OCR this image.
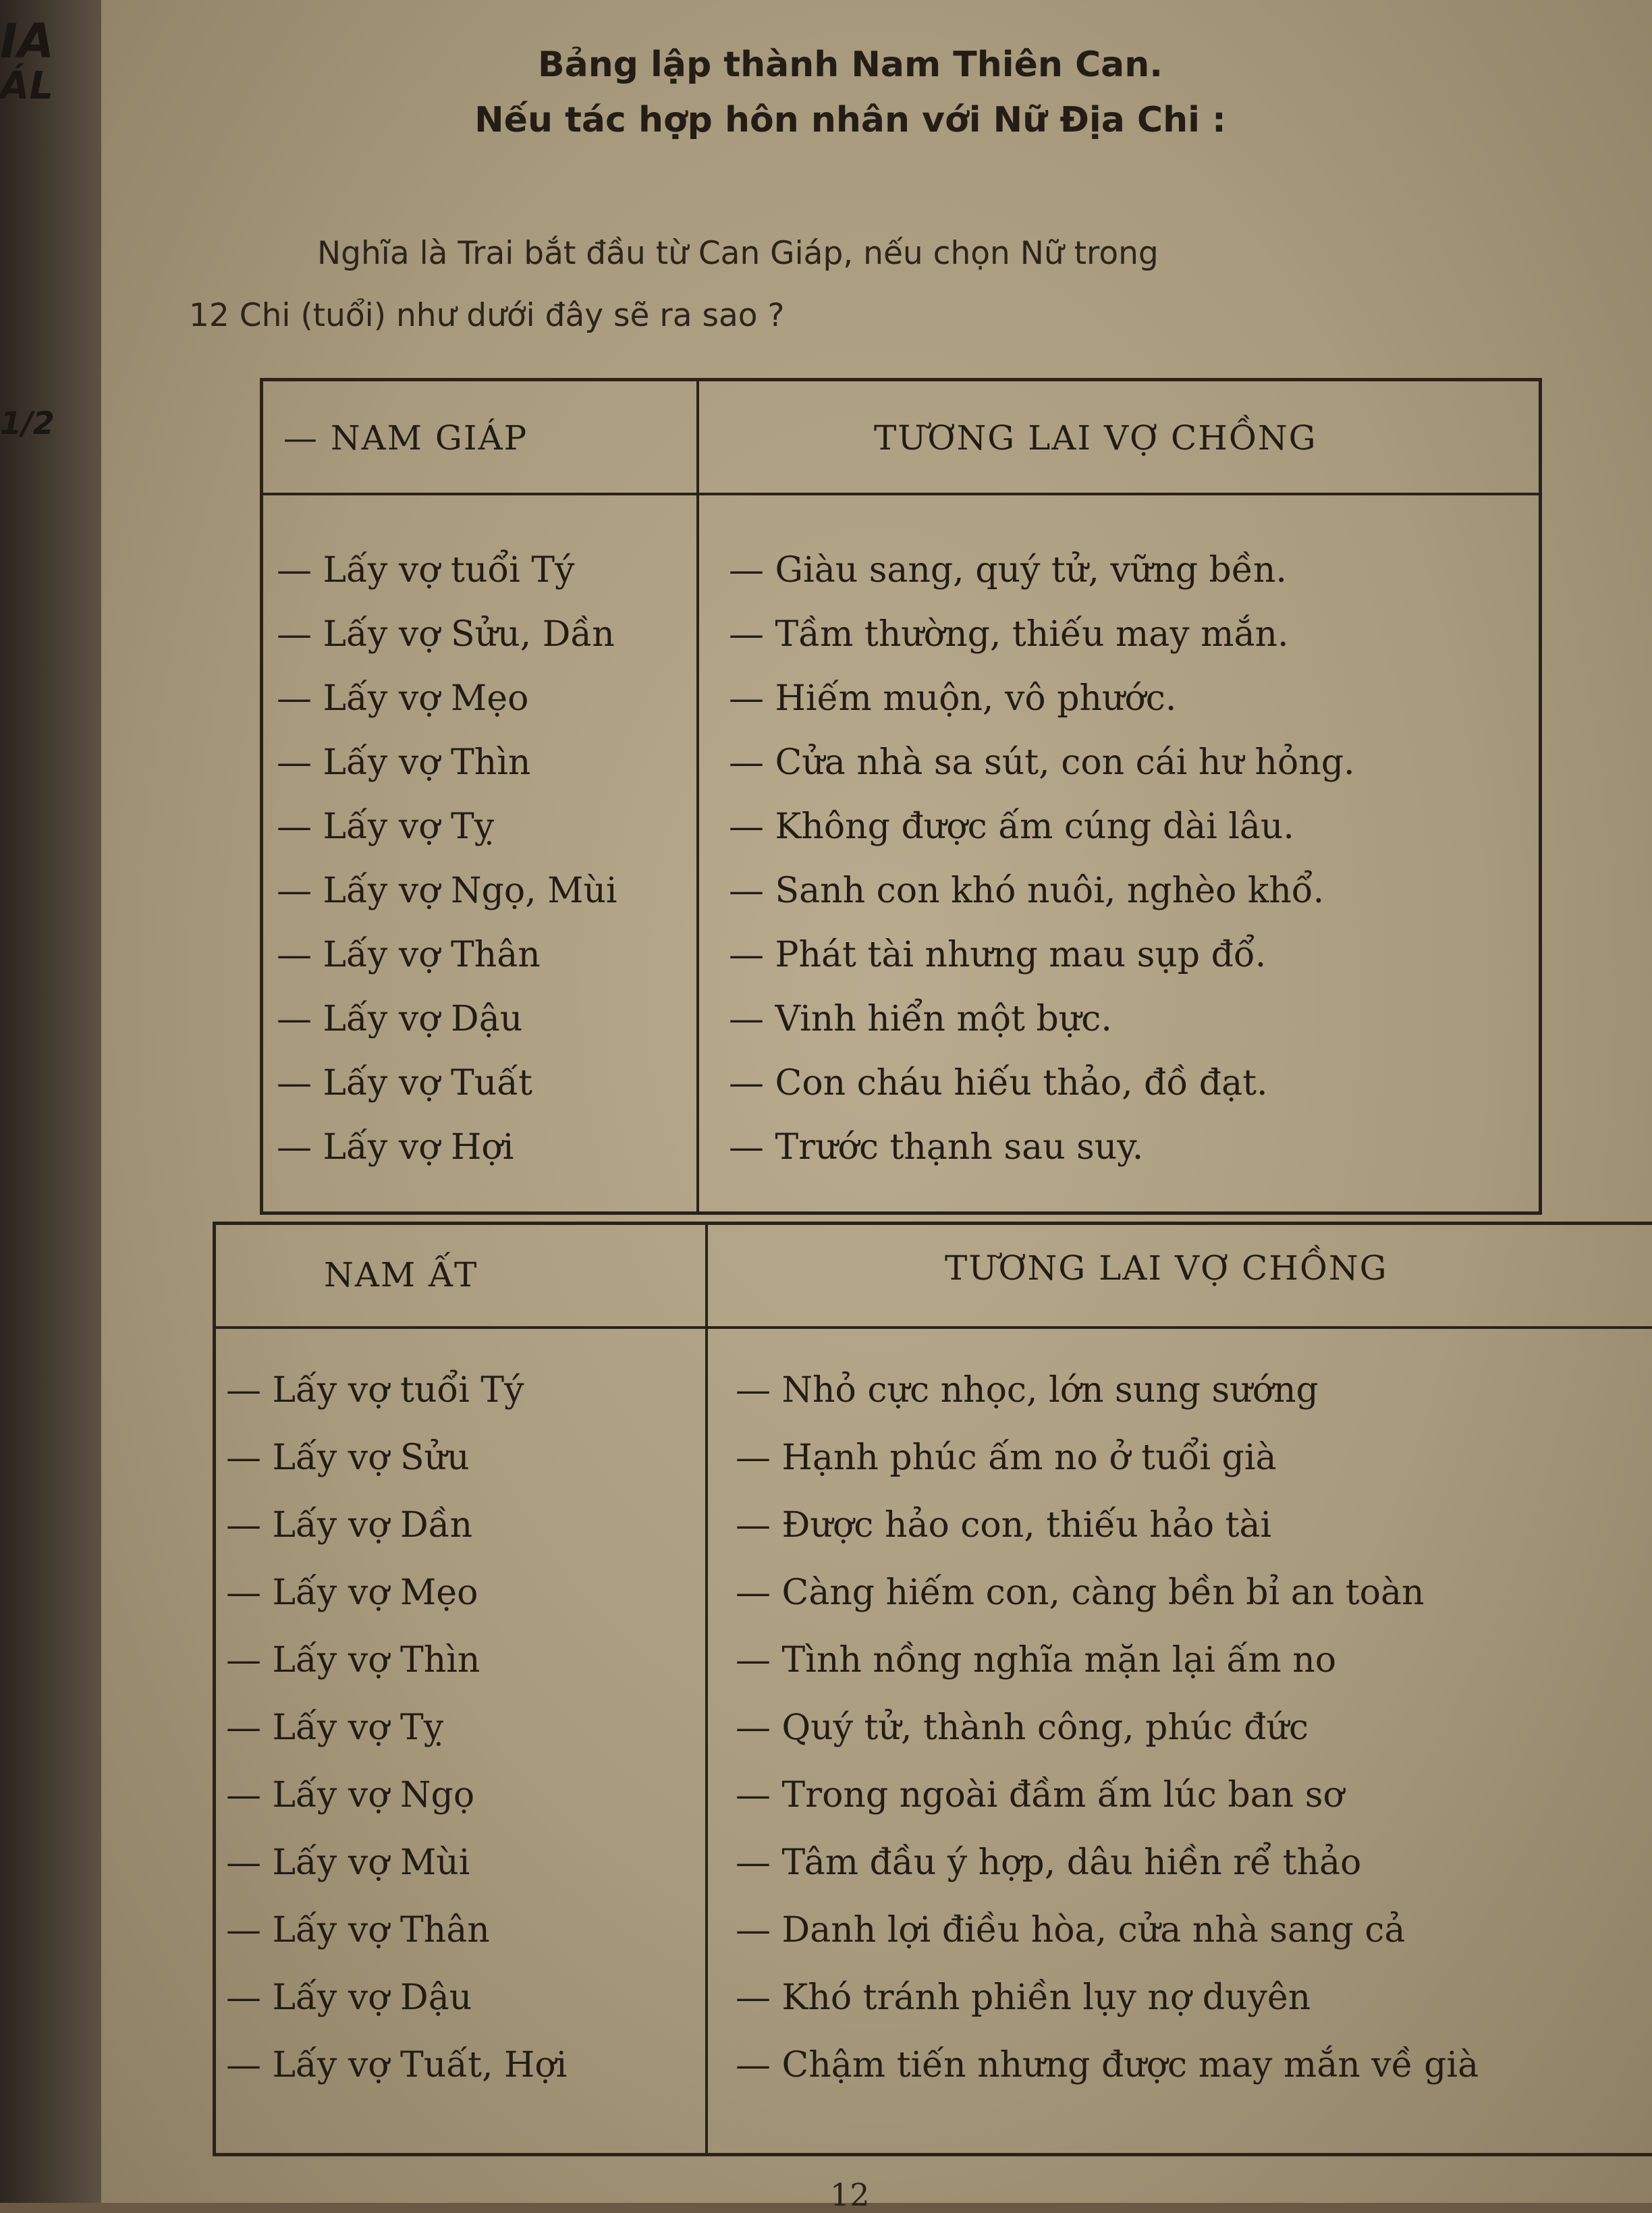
IA
ÁL
1/2
Bảng lập thành Nam Thiên Can.
Nếu tác hợp hôn nhân với Nữ Địa Chi :

Nghĩa là Trai bắt đầu từ Can Giáp, nếu chọn Nữ trong

12 Chi (tuổi) như dưới đây sẽ ra sao ?

— NAM GIÁP	TƯƠNG LAI VỢ CHỒNG
— Lấy vợ tuổi Tý	— Giàu sang, quý tử, vững bền.
— Lấy vợ Sửu, Dần	— Tầm thường, thiếu may mắn.
— Lấy vợ Mẹo	— Hiếm muộn, vô phước.
— Lấy vợ Thìn	— Cửa nhà sa sút, con cái hư hỏng.
— Lấy vợ Tỵ	— Không được ấm cúng dài lâu.
— Lấy vợ Ngọ, Mùi	— Sanh con khó nuôi, nghèo khổ.
— Lấy vợ Thân	— Phát tài nhưng mau sụp đổ.
— Lấy vợ Dậu	— Vinh hiển một bực.
— Lấy vợ Tuất	— Con cháu hiếu thảo, đồ đạt.
— Lấy vợ Hợi	— Trước thạnh sau suy.
NAM ẤT	TƯƠNG LAI VỢ CHỒNG
— Lấy vợ tuổi Tý	— Nhỏ cực nhọc, lớn sung sướng
— Lấy vợ Sửu	— Hạnh phúc ấm no ở tuổi già
— Lấy vợ Dần	— Được hảo con, thiếu hảo tài
— Lấy vợ Mẹo	— Càng hiếm con, càng bền bỉ an toàn
— Lấy vợ Thìn	— Tình nồng nghĩa mặn lại ấm no
— Lấy vợ Tỵ	— Quý tử, thành công, phúc đức
— Lấy vợ Ngọ	— Trong ngoài đầm ấm lúc ban sơ
— Lấy vợ Mùi	— Tâm đầu ý hợp, dâu hiền rể thảo
— Lấy vợ Thân	— Danh lợi điều hòa, cửa nhà sang cả
— Lấy vợ Dậu	— Khó tránh phiền lụy nợ duyên
— Lấy vợ Tuất, Hợi	— Chậm tiến nhưng được may mắn về già
12
